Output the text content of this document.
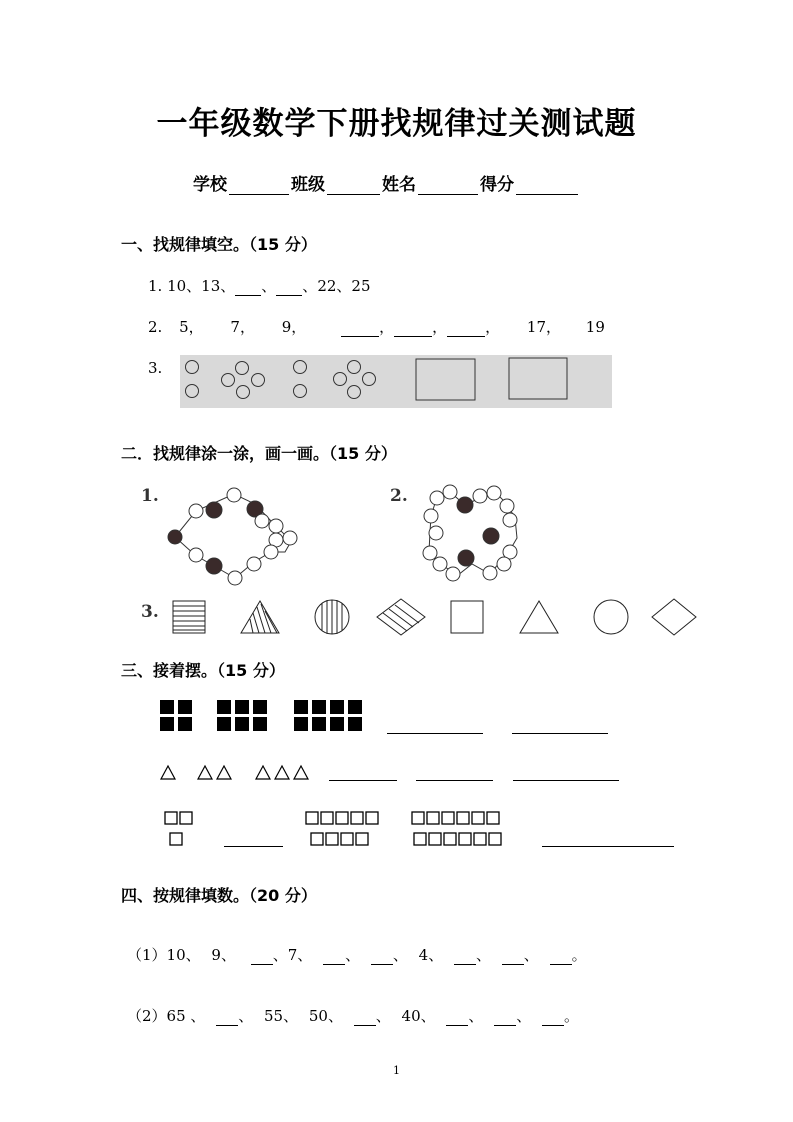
一年级数学下册找规律过关测试题
学校	班级	姓名	得分
一、找规律填空。（15 分）
1. 10、13、 、 、22、25
2. 5， 7， 9，	，	，	， 17， 19
3.
二．找规律涂一涂，画一画。（15 分）
1.	2.
3.
三、接着摆。（15 分）
四、按规律填数。（20 分）
（1）10、 9、 、7、 、 、 4、 、 、 。
（2）65 、 、 55、 50、 、 40、 、 、 。
1
